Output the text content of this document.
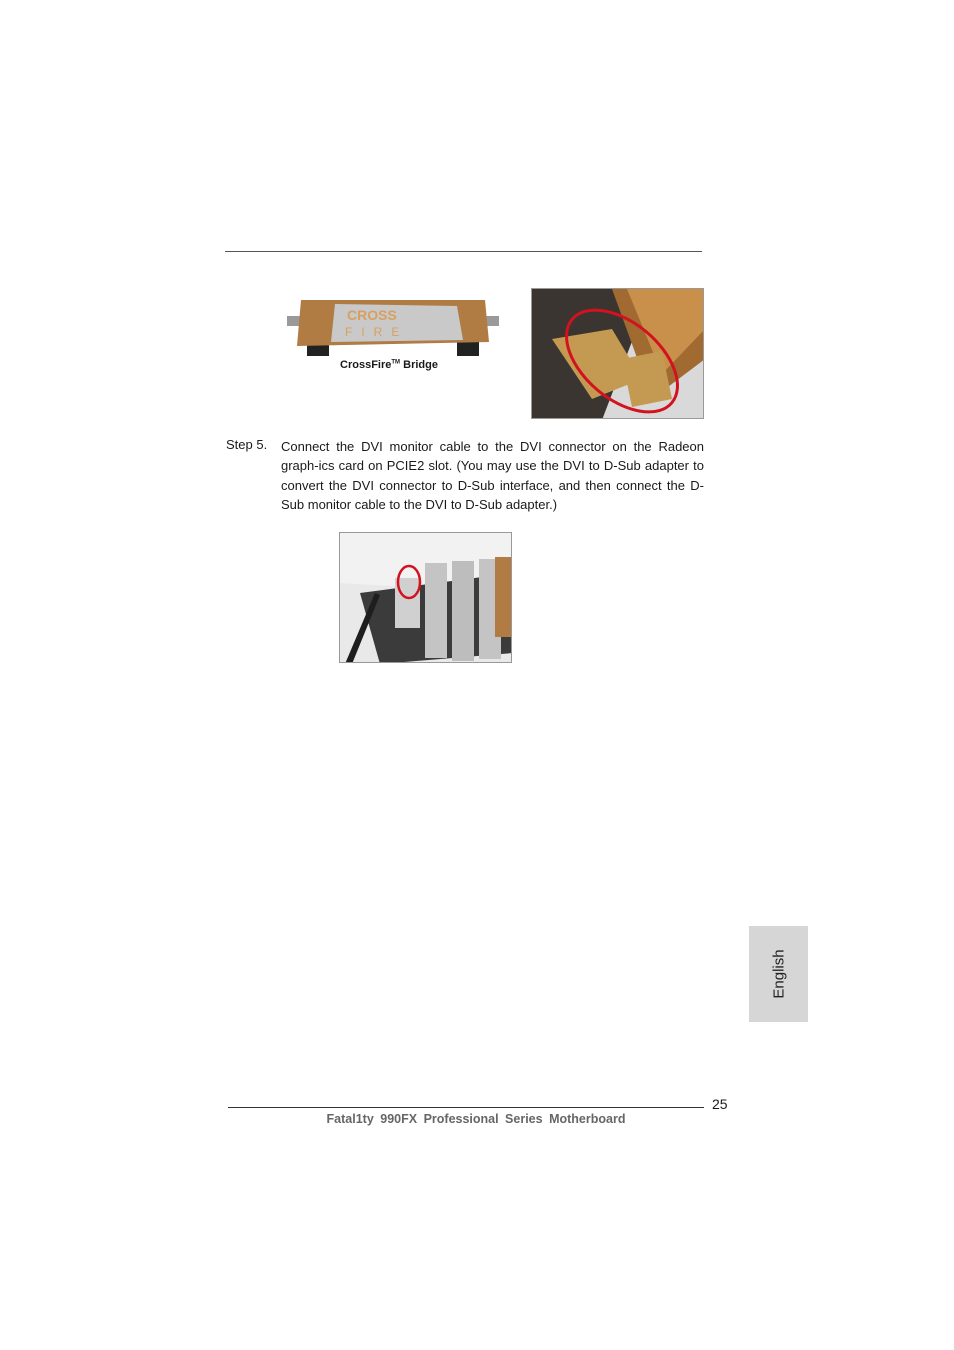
CROSS
FIRE
CrossFire™ Bridge
Step 5. Connect the DVI monitor cable to the DVI connector on the Radeon graph-ics card on PCIE2 slot. (You may use the DVI to D-Sub adapter to convert the DVI connector to D-Sub interface, and then connect the D-Sub monitor cable to the DVI to D-Sub adapter.)
English
25
Fatal1ty 990FX Professional Series Motherboard
